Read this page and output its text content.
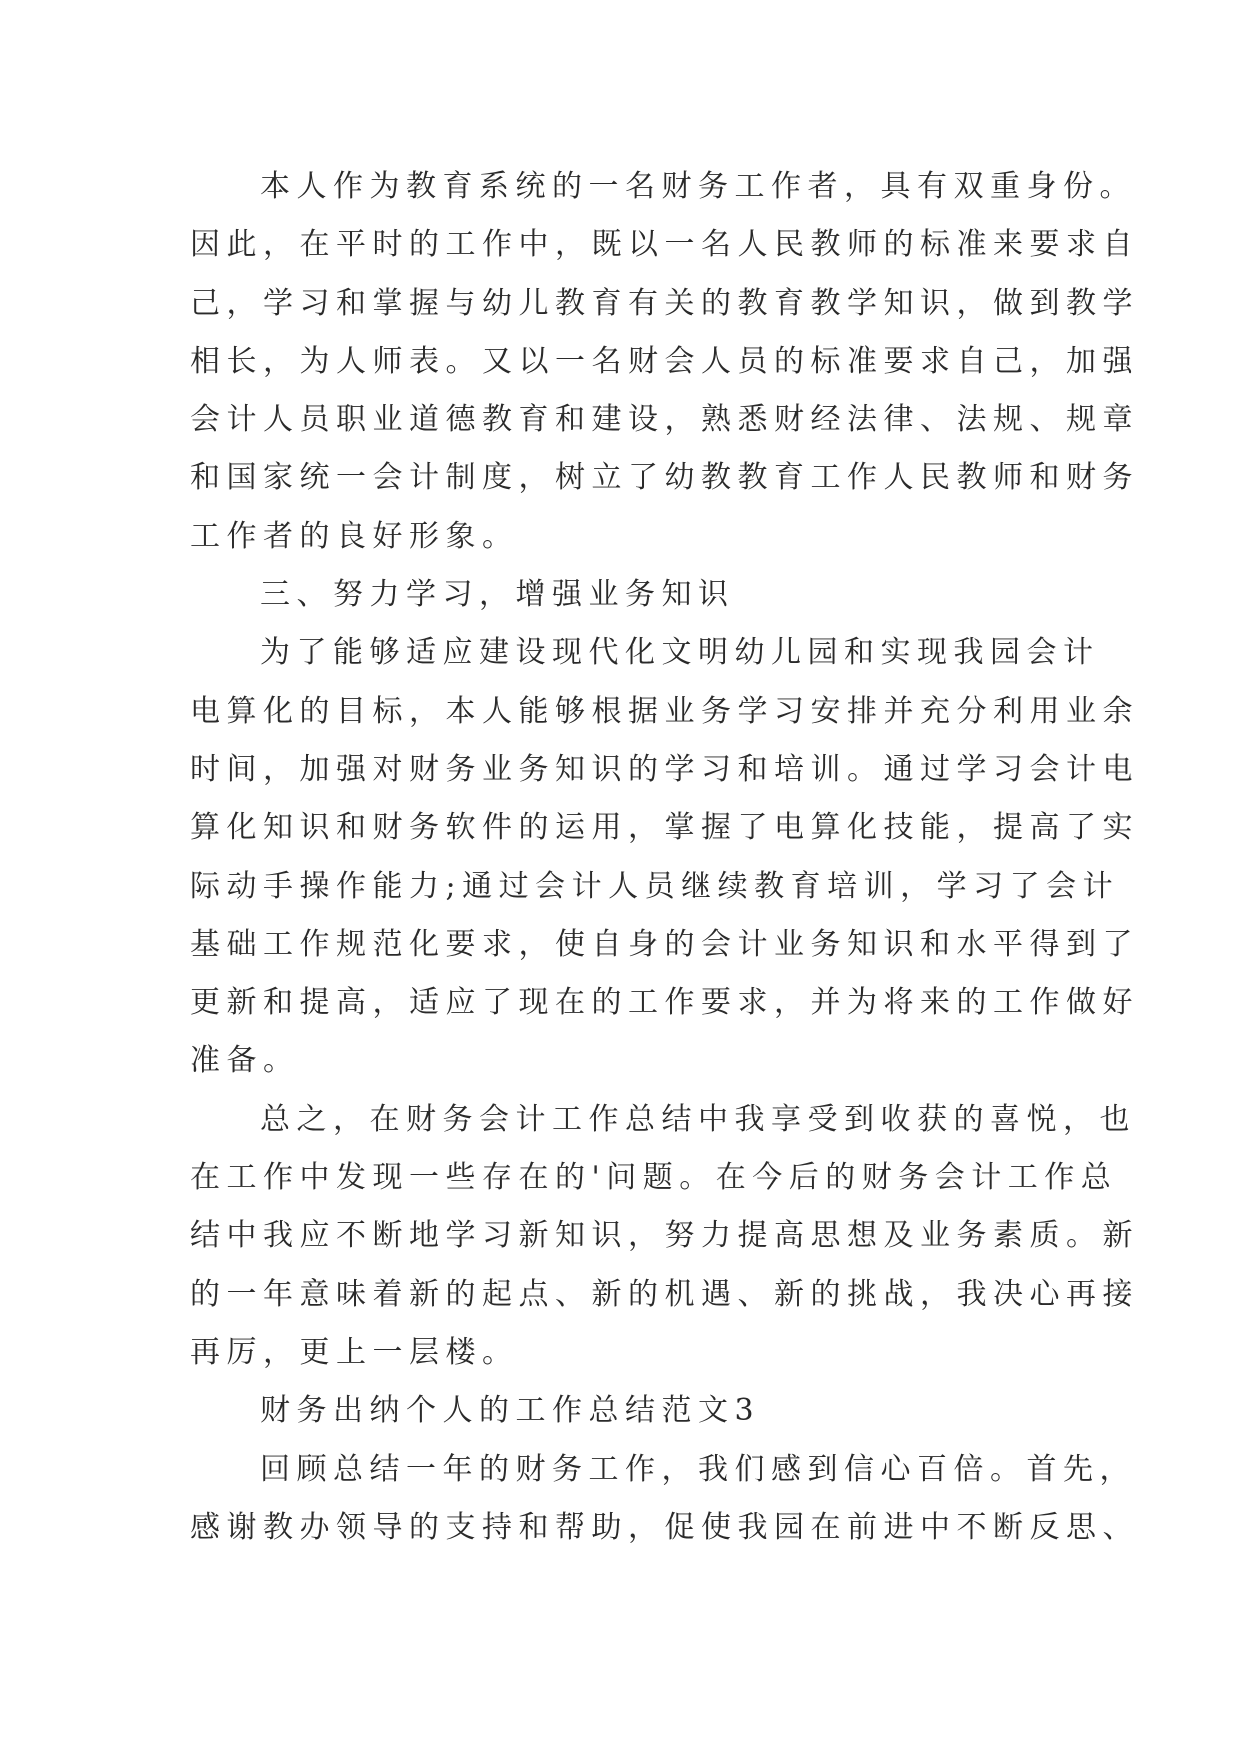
本人作为教育系统的一名财务工作者，具有双重身份。
因此，在平时的工作中，既以一名人民教师的标准来要求自
己，学习和掌握与幼儿教育有关的教育教学知识，做到教学
相长，为人师表。又以一名财会人员的标准要求自己，加强
会计人员职业道德教育和建设，熟悉财经法律、法规、规章
和国家统一会计制度，树立了幼教教育工作人民教师和财务
工作者的良好形象。
三、努力学习，增强业务知识
为了能够适应建设现代化文明幼儿园和实现我园会计
电算化的目标，本人能够根据业务学习安排并充分利用业余
时间，加强对财务业务知识的学习和培训。通过学习会计电
算化知识和财务软件的运用，掌握了电算化技能，提高了实
际动手操作能力;通过会计人员继续教育培训，学习了会计
基础工作规范化要求，使自身的会计业务知识和水平得到了
更新和提高，适应了现在的工作要求，并为将来的工作做好
准备。
总之，在财务会计工作总结中我享受到收获的喜悦，也
在工作中发现一些存在的'问题。在今后的财务会计工作总
结中我应不断地学习新知识，努力提高思想及业务素质。新
的一年意味着新的起点、新的机遇、新的挑战，我决心再接
再厉，更上一层楼。
财务出纳个人的工作总结范文3
回顾总结一年的财务工作，我们感到信心百倍。首先，
感谢教办领导的支持和帮助，促使我园在前进中不断反思、
